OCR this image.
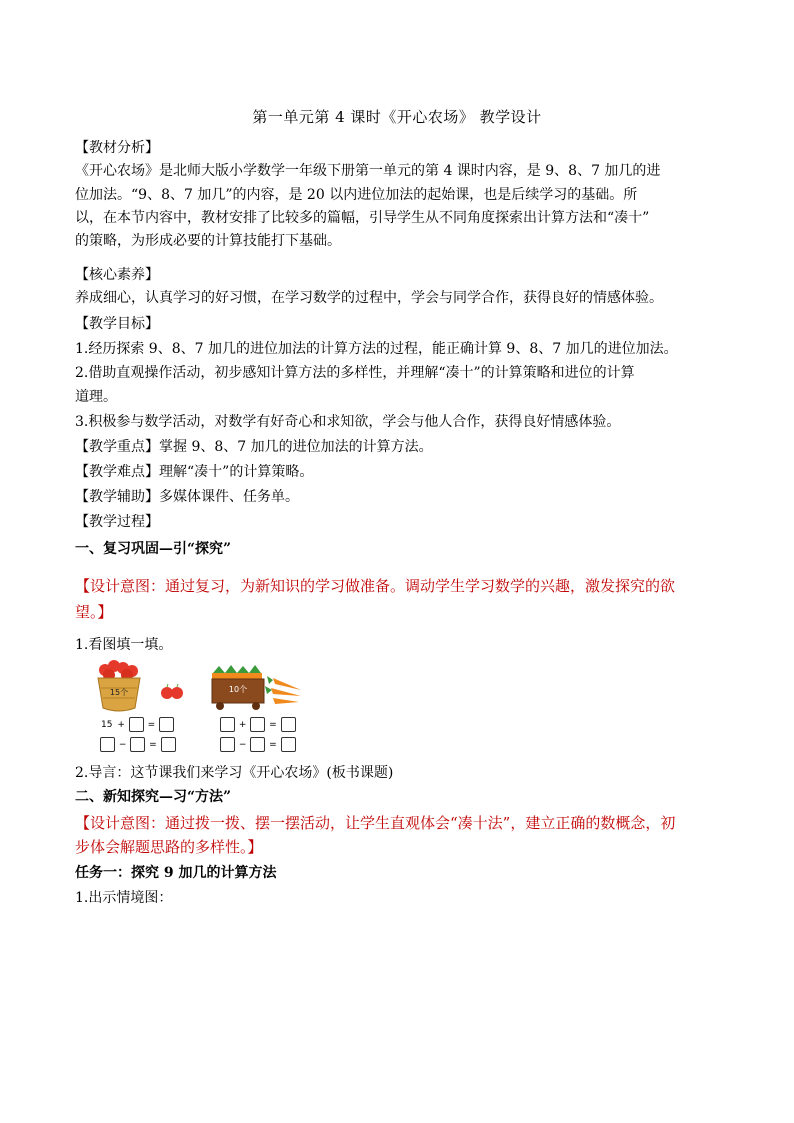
第一单元第 4 课时《开心农场》 教学设计
【教材分析】
《开心农场》是北师大版小学数学一年级下册第一单元的第 4 课时内容，是 9、8、7 加几的进
位加法。“9、8、7 加几”的内容，是 20 以内进位加法的起始课，也是后续学习的基础。所
以，在本节内容中，教材安排了比较多的篇幅，引导学生从不同角度探索出计算方法和“凑十”
的策略，为形成必要的计算技能打下基础。
【核心素养】
养成细心，认真学习的好习惯，在学习数学的过程中，学会与同学合作，获得良好的情感体验。
【教学目标】
1.经历探索 9、8、7 加几的进位加法的计算方法的过程，能正确计算 9、8、7 加几的进位加法。
2.借助直观操作活动，初步感知计算方法的多样性，并理解“凑十”的计算策略和进位的计算
道理。
3.积极参与数学活动，对数学有好奇心和求知欲，学会与他人合作，获得良好情感体验。
【教学重点】掌握 9、8、7 加几的进位加法的计算方法。
【教学难点】理解“凑十”的计算策略。
【教学辅助】多媒体课件、任务单。
【教学过程】
一、复习巩固—引“探究”
【设计意图：通过复习，为新知识的学习做准备。调动学生学习数学的兴趣，激发探究的欲
望。】
1.看图填一填。
15个	10个
15 +	=
−	=
+	=
−	=
2.导言：这节课我们来学习《开心农场》(板书课题)
二、新知探究—习“方法”
【设计意图：通过拨一拨、摆一摆活动，让学生直观体会“凑十法”，建立正确的数概念，初
步体会解题思路的多样性。】
任务一：探究 9 加几的计算方法
1.出示情境图：
